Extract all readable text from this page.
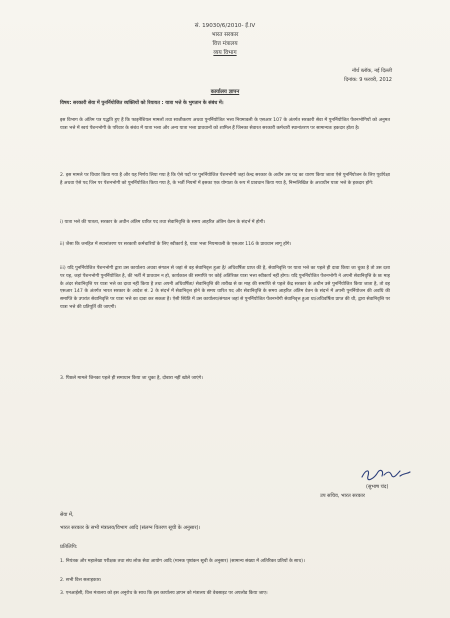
सं. 19030/6/2010- ई.IV
भारत सरकार
वित्त मंत्रालय
व्यय विभाग
नॉर्थ ब्लॉक, नई दिल्ली
दिनांक: 9 फरवरी, 2012
कार्यालय ज्ञापन
विषय: सरकारी सेवा में पुनर्नियोजित व्यक्तियों को रियायत : यात्रा भत्ते के भुगतान के संबंध में।
इस विभाग के अंतिम पत्र पद्धति हुए हैं कि फाइनेंशियल मामलों तथा साजीकरण अथवा पुनर्नियोजित भत्ता नियमावली के एसआर 107 के अंतर्गत सरकारी सेवा में पुनर्नियोजित पेंशनभोगियों को अनुमत यात्रा भत्ते में स्वयं पेंशनभोगी के परिवार के संबंध में यात्रा भत्ता और अन्य यात्रा भत्ता प्रावधानों को शामिल हैं जिनका सेवारत सरकारी कर्मचारी स्थानांतरण पर सामान्यतः हकदार होता है।
2. इस मामले पर विचार किया गया है और यह निर्णय लिया गया है कि ऐसे पदों पर पुनर्नियोजित पेंशनभोगी जहां केन्द्र सरकार के अधीन उस पद का धारण किया जाता ऐसे पुनर्नियोजन के लिए पूर्वापेक्षा है अथवा ऐसे पद जिन पर पेंशनभोगी को पुनर्नियोजित किया गया है, के भर्ती नियमों में इसका एक योग्यता के रूप में प्रावधान किया गया है, निम्नलिखित के अध्यधीन यात्रा भत्ते के हकदार होंगे:
i) यात्रा भत्ते की पात्रता, सरकार के अधीन अंतिम धारित पद तथा सेवानिवृत्ति के समय आहरित अंतिम वेतन के संदर्भ में होगी।
ii) जैसा कि जनहित में स्थानांतरण पर सरकारी कर्मचारियों के लिए स्वीकार्य है, यात्रा भत्ता नियमावली के एसआर 116 के प्रावधान लागू होंगे।
iii) यदि पुनर्नियोजित पेंशनभोगी द्वारा उस कार्यालय अथवा संगठन से जहां से वह सेवानिवृत्त हुआ है/ अधिवर्षिता प्राप्त की है, सेवानिवृत्ति पर यात्रा भत्ते का पहले ही दावा किया जा चुका है तो उस दशा पर यह, जहां पेंशनभोगी पुनर्नियोजित है, की भर्ती में प्रावधान न हो, कार्यकाल की समाप्ति पर कोई अतिरिक्त यात्रा भत्ता स्वीकार्य नहीं होगा। यदि पुनर्नियोजित पेंशनभोगी ने अपनी सेवानिवृत्ति के छः माह के अंदर सेवानिवृत्ति पर यात्रा भत्ते का दावा नहीं किया है तथा अपनी अधिवर्षिता/ सेवानिवृत्ति की तारीख से छः माह की समाप्ति से पहले केंद्र सरकार के अधीन उसे पुनर्नियोजित किया जाता है, तो वह एसआर 147 के अंतर्गत भारत सरकार के आदेश सं. 2 के संदर्भ में सेवानिवृत्त होने के समय धारित पद और सेवानिवृत्ति के समय आहरित अंतिम वेतन के संदर्भ में अपनी पुनर्नियोजन की अवधि की समाप्ति के उपरांत सेवानिवृत्ति पर यात्रा भत्ते का दावा कर सकता है। ऐसी स्थिति में उस कार्यालय/संगठन जहां से पुनर्नियोजित पेंशनभोगी सेवानिवृत्त हुआ था/अधिवर्षिता प्राप्त की थी, द्वारा सेवानिवृत्ति पर यात्रा भत्ते की प्रतिपूर्ति की जाएगी।
3. पिछले मामले जिनका पहले ही समाधान किया जा चुका है, दोबारा नहीं खोले जाएंगे।
(सुभाष चंद)
उप सचिव, भारत सरकार
सेवा में,
भारत सरकार के सभी मंत्रालय/विभाग आदि (संलग्न वितरण सूची के अनुसार)।
प्रतिलिपि:
1. नियंत्रक और महालेखा परीक्षक तथा संघ लोक सेवा आयोग आदि (मानक पृष्ठांकन सूची के अनुसार) (सामान्य संख्या में अतिरिक्त प्रतियों के साथ)।
2. सभी वित्त सलाहकार।
3. एनआईसी, वित्त मंत्रालय को इस अनुरोध के साथ कि इस कार्यालय ज्ञापन को मंत्रालय की वेबसाइट पर अपलोड किया जाए।
